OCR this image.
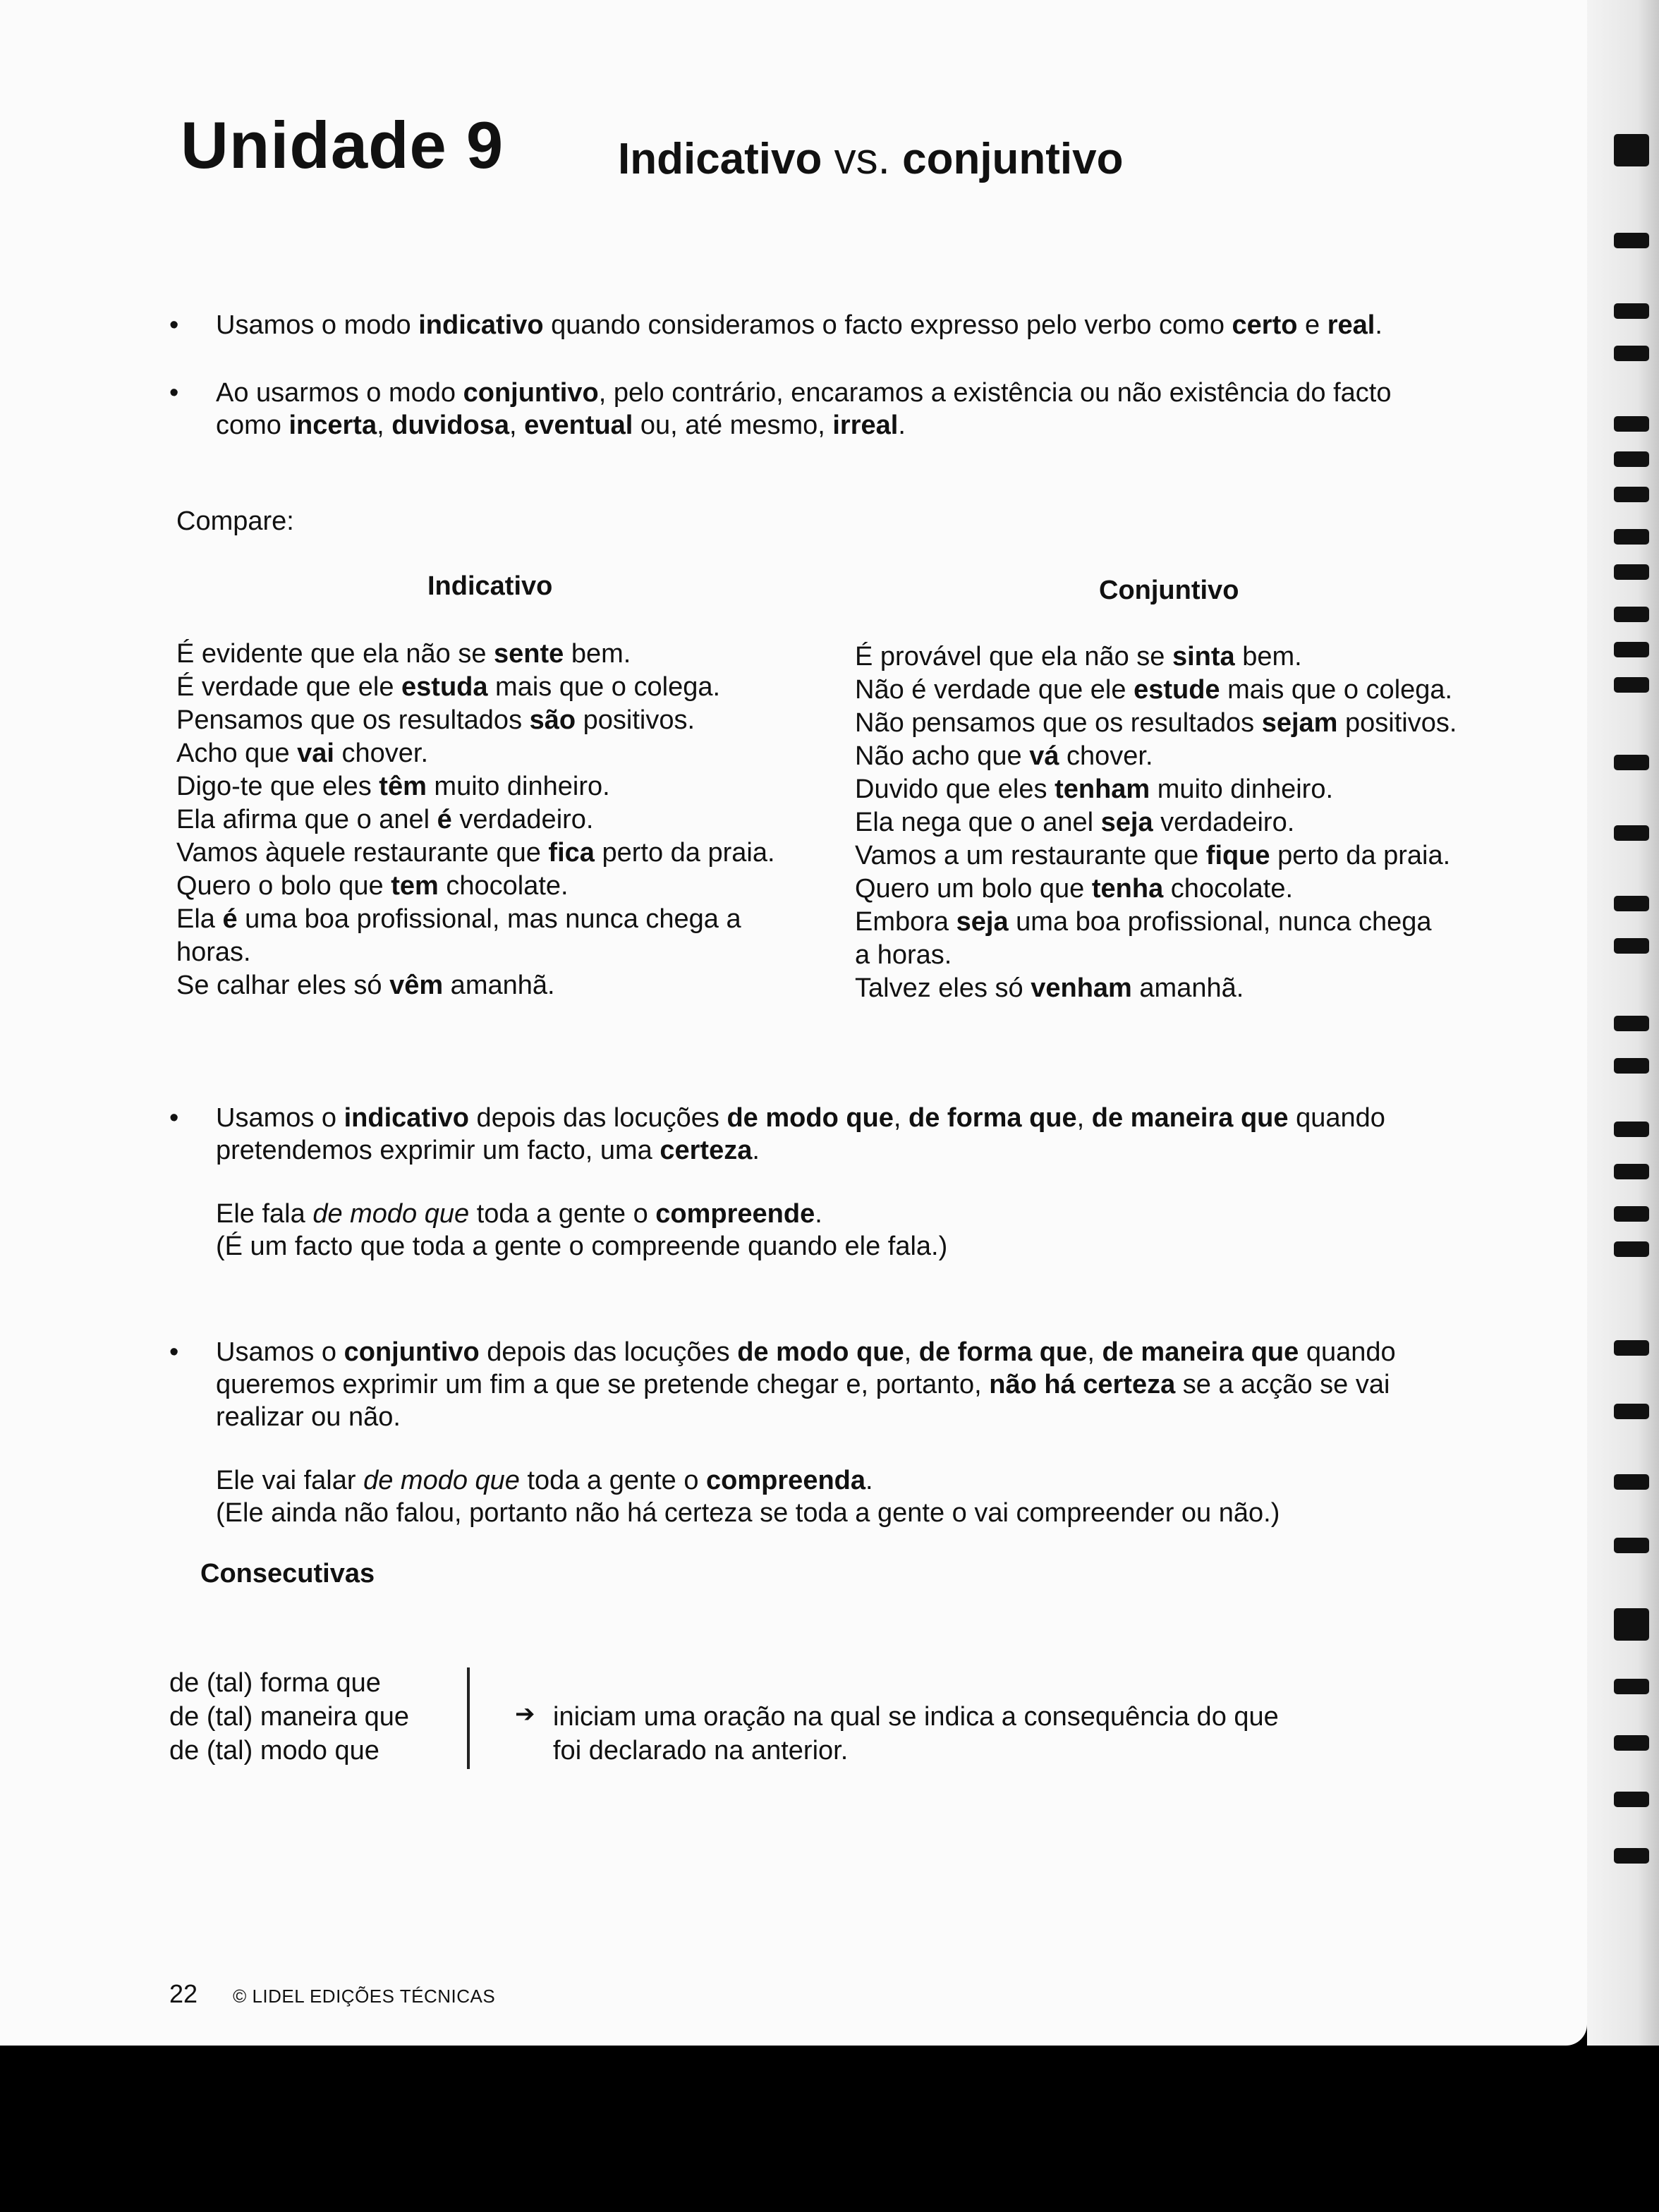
Unidade 9	Indicativo vs. conjuntivo
• Usamos o modo indicativo quando consideramos o facto expresso pelo verbo como certo e real.
• Ao usarmos o modo conjuntivo, pelo contrário, encaramos a existência ou não existência do facto
como incerta, duvidosa, eventual ou, até mesmo, irreal.
Compare:
Indicativo	Conjuntivo
É evidente que ela não se sente bem.
É verdade que ele estuda mais que o colega.
Pensamos que os resultados são positivos.
Acho que vai chover.
Digo-te que eles têm muito dinheiro.
Ela afirma que o anel é verdadeiro.
Vamos àquele restaurante que fica perto da praia.
Quero o bolo que tem chocolate.
Ela é uma boa profissional, mas nunca chega a
horas.
Se calhar eles só vêm amanhã.
É provável que ela não se sinta bem.
Não é verdade que ele estude mais que o colega.
Não pensamos que os resultados sejam positivos.
Não acho que vá chover.
Duvido que eles tenham muito dinheiro.
Ela nega que o anel seja verdadeiro.
Vamos a um restaurante que fique perto da praia.
Quero um bolo que tenha chocolate.
Embora seja uma boa profissional, nunca chega
a horas.
Talvez eles só venham amanhã.
• Usamos o indicativo depois das locuções de modo que, de forma que, de maneira que quando
pretendemos exprimir um facto, uma certeza.
Ele fala de modo que toda a gente o compreende.
(É um facto que toda a gente o compreende quando ele fala.)
• Usamos o conjuntivo depois das locuções de modo que, de forma que, de maneira que quando
queremos exprimir um fim a que se pretende chegar e, portanto, não há certeza se a acção se vai
realizar ou não.
Ele vai falar de modo que toda a gente o compreenda.
(Ele ainda não falou, portanto não há certeza se toda a gente o vai compreender ou não.)
Consecutivas
de (tal) forma que
de (tal) maneira que
de (tal) modo que
➔ iniciam uma oração na qual se indica a consequência do que
foi declarado na anterior.
22 © LIDEL EDIÇÕES TÉCNICAS
